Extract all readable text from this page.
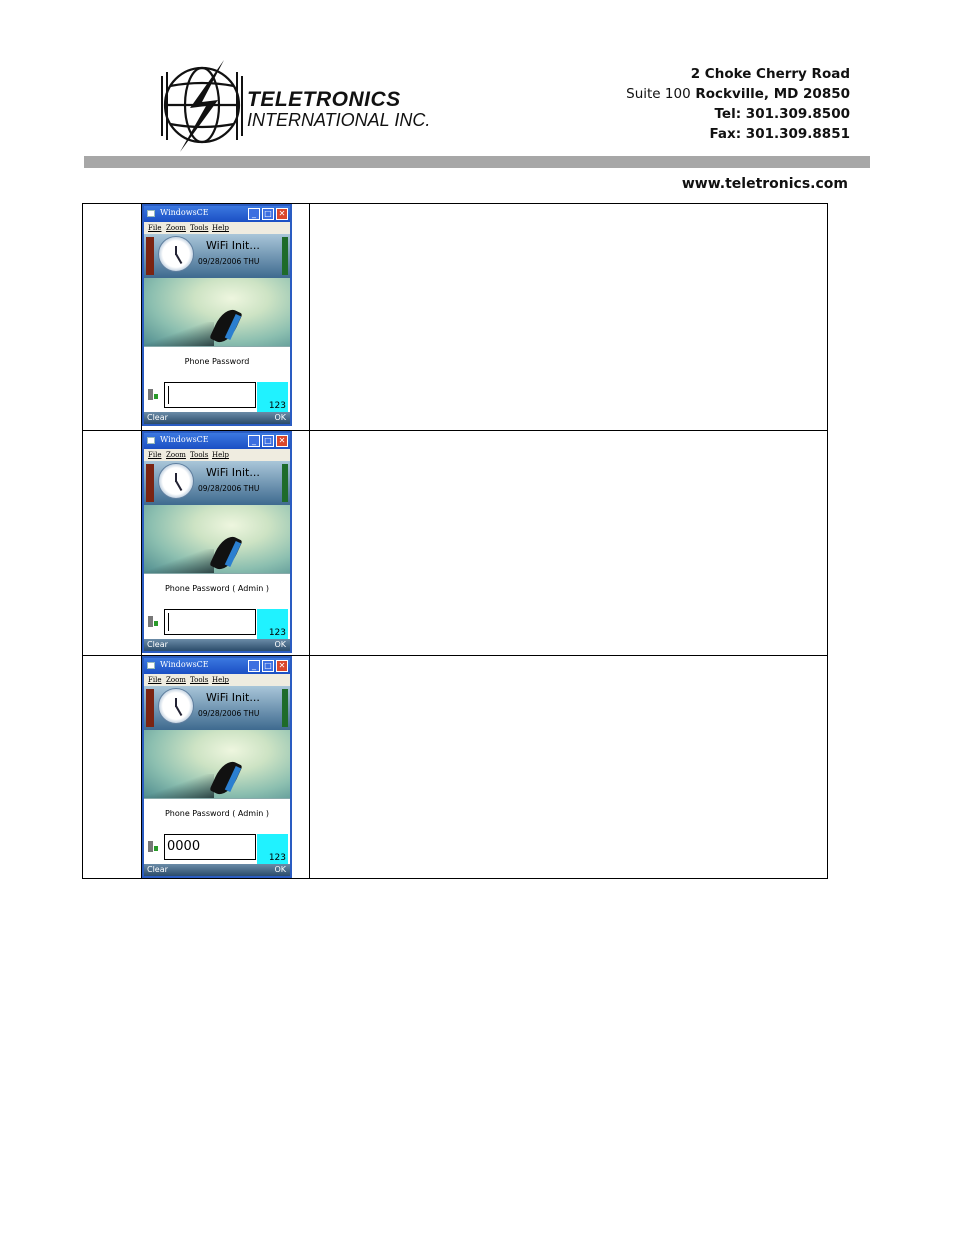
TELETRONICS
INTERNATIONAL INC.
2 Choke Cherry Road
Suite 100 Rockville, MD 20850
Tel: 301.309.8500
Fax: 301.309.8851
www.teletronics.com
WindowsCE	_	□ ✕
File Zoom Tools Help
WiFi Init...
09/28/2006 THU
Phone Password
123
Clear	OK
WindowsCE	_	□ ✕
File Zoom Tools Help
WiFi Init...
09/28/2006 THU
Phone Password ( Admin )
123
Clear	OK
WindowsCE	_	□ ✕
File Zoom Tools Help
WiFi Init...
09/28/2006 THU
Phone Password ( Admin )
0000
123
Clear	OK
